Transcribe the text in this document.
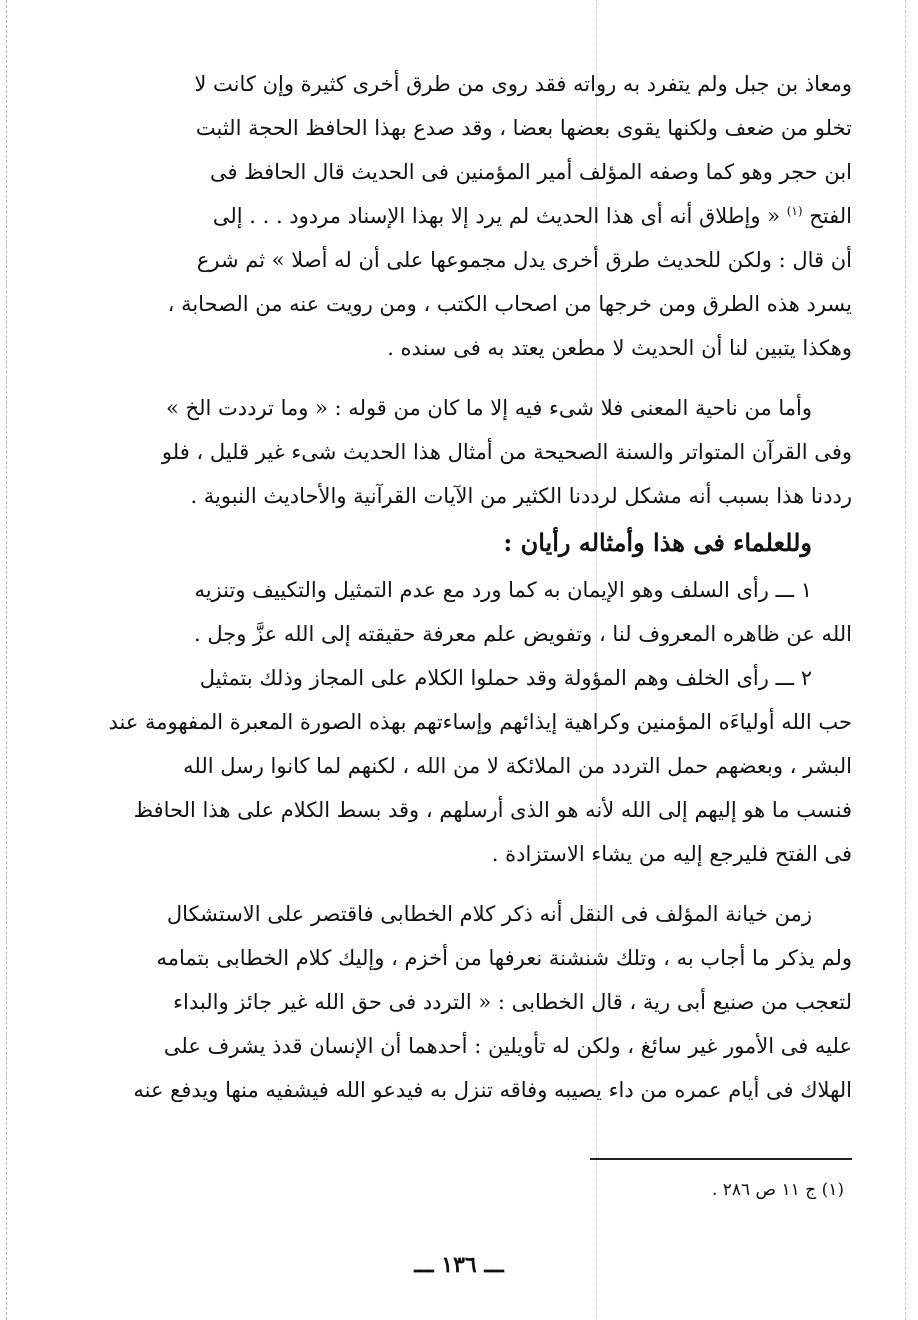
ومعاذ بن جبل ولم يتفرد به رواته فقد روى من طرق أخرى كثيرة وإن كانت لا
تخلو من ضعف ولكنها يقوى بعضها بعضا ، وقد صدع بهذا الحافظ الحجة الثبت
ابن حجر وهو كما وصفه المؤلف أمير المؤمنين فى الحديث قال الحافظ فى
الفتح $^{(١)}$ « وإطلاق أنه أى هذا الحديث لم يرد إلا بهذا الإسناد مردود . . . إلى
أن قال : ولكن للحديث طرق أخرى يدل مجموعها على أن له أصلا » ثم شرع
يسرد هذه الطرق ومن خرجها من اصحاب الكتب ، ومن رويت عنه من الصحابة ،
وهكذا يتبين لنا أن الحديث لا مطعن يعتد به فى سنده .
وأما من ناحية المعنى فلا شىء فيه إلا ما كان من قوله : « وما ترددت الخ »
وفى القرآن المتواتر والسنة الصحيحة من أمثال هذا الحديث شىء غير قليل ، فلو
رددنا هذا بسبب أنه مشكل لرددنا الكثير من الآيات القرآنية والأحاديث النبوية .
وللعلماء فى هذا وأمثاله رأيان :
١ ـــ رأى السلف وهو الإيمان به كما ورد مع عدم التمثيل والتكييف وتنزيه
الله عن ظاهره المعروف لنا ، وتفويض علم معرفة حقيقته إلى الله عزَّ وجل .
٢ ـــ رأى الخلف وهم المؤولة وقد حملوا الكلام على المجاز وذلك بتمثيل
حب الله أولياءَه المؤمنين وكراهية إيذائهم وإساءتهم بهذه الصورة المعبرة المفهومة عند
البشر ، وبعضهم حمل التردد من الملائكة لا من الله ، لكنهم لما كانوا رسل الله
فنسب ما هو إليهم إلى الله لأنه هو الذى أرسلهم ، وقد بسط الكلام على هذا الحافظ
فى الفتح فليرجع إليه من يشاء الاستزادة .
زمن خيانة المؤلف فى النقل أنه ذكر كلام الخطابى فاقتصر على الاستشكال
ولم يذكر ما أجاب به ، وتلك شنشنة نعرفها من أخزم ، وإليك كلام الخطابى بتمامه
لتعجب من صنيع أبى رية ، قال الخطابى : « التردد فى حق الله غير جائز والبداء
عليه فى الأمور غير سائغ ، ولكن له تأويلين : أحدهما أن الإنسان قدذ يشرف على
الهلاك فى أيام عمره من داء يصيبه وفاقه تنزل به فيدعو الله فيشفيه منها ويدفع عنه
(١) ج ١١ ص ٢٨٦ .
ـــ ١٣٦ ـــ
